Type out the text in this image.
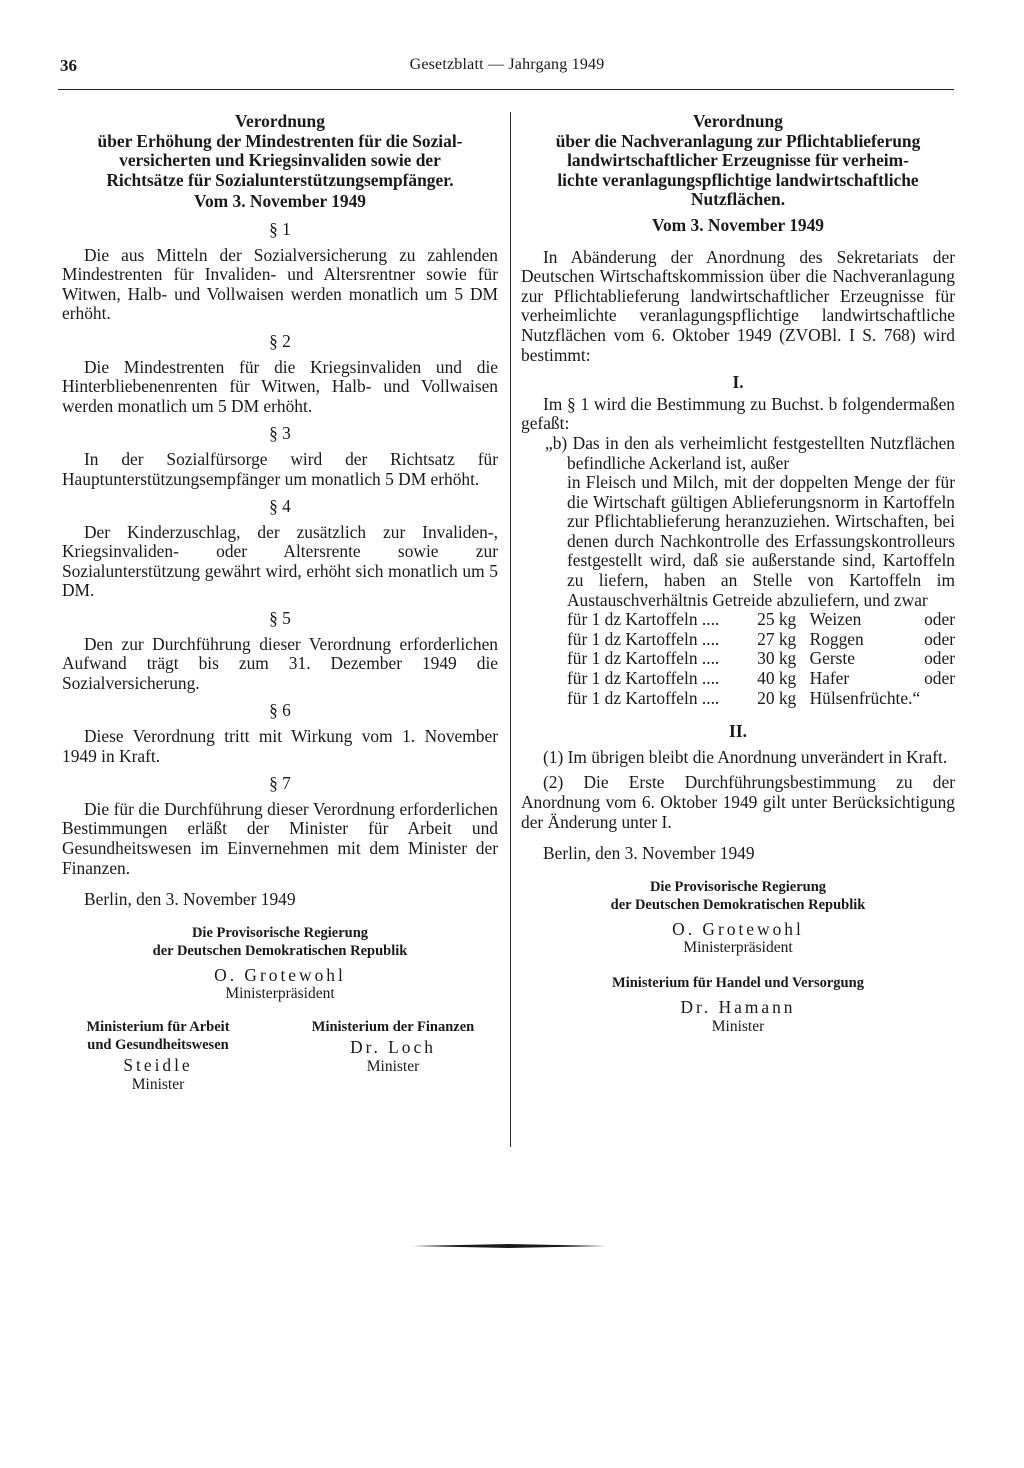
36	Gesetzblatt — Jahrgang 1949
Verordnung
über Erhöhung der Mindestrenten für die Sozial-
versicherten und Kriegsinvaliden sowie der
Richtsätze für Sozialunterstützungsempfänger.
Vom 3. November 1949
§ 1

Die aus Mitteln der Sozialversicherung zu zahlenden Mindestrenten für Invaliden- und Altersrentner sowie für Witwen, Halb- und Vollwaisen werden monatlich um 5 DM erhöht.

§ 2

Die Mindestrenten für die Kriegsinvaliden und die Hinterbliebenenrenten für Witwen, Halb- und Vollwaisen werden monatlich um 5 DM erhöht.

§ 3

In der Sozialfürsorge wird der Richtsatz für Hauptunterstützungsempfänger um monatlich 5 DM erhöht.

§ 4

Der Kinderzuschlag, der zusätzlich zur Invaliden-, Kriegsinvaliden- oder Altersrente sowie zur Sozialunterstützung gewährt wird, erhöht sich monatlich um 5 DM.

§ 5

Den zur Durchführung dieser Verordnung erforderlichen Aufwand trägt bis zum 31. Dezember 1949 die Sozialversicherung.

§ 6

Diese Verordnung tritt mit Wirkung vom 1. November 1949 in Kraft.

§ 7

Die für die Durchführung dieser Verordnung erforderlichen Bestimmungen erläßt der Minister für Arbeit und Gesundheitswesen im Einvernehmen mit dem Minister der Finanzen.

Berlin, den 3. November 1949

Die Provisorische Regierung
der Deutschen Demokratischen Republik
O. Grotewohl
Ministerpräsident
Ministerium für Arbeit
und Gesundheitswesen
Steidle
Minister
Ministerium der Finanzen
Dr. Loch
Minister
Verordnung
über die Nachveranlagung zur Pflichtablieferung
landwirtschaftlicher Erzeugnisse für verheim-
lichte veranlagungspflichtige landwirtschaftliche
Nutzflächen.
Vom 3. November 1949

In Abänderung der Anordnung des Sekretariats der Deutschen Wirtschaftskommission über die Nachveranlagung zur Pflichtablieferung landwirtschaftlicher Erzeugnisse für verheimlichte veranlagungspflichtige landwirtschaftliche Nutzflächen vom 6. Oktober 1949 (ZVOBl. I S. 768) wird bestimmt:

I.

Im § 1 wird die Bestimmung zu Buchst. b folgendermaßen gefaßt:

„b) Das in den als verheimlicht festgestellten Nutzflächen befindliche Ackerland ist, außer

in Fleisch und Milch, mit der doppelten Menge der für die Wirtschaft gültigen Ablieferungsnorm in Kartoffeln zur Pflichtablieferung heranzuziehen. Wirtschaften, bei denen durch Nachkontrolle des Erfassungskontrolleurs festgestellt wird, daß sie außerstande sind, Kartoffeln zu liefern, haben an Stelle von Kartoffeln im Austauschverhältnis Getreide abzuliefern, und zwar

für 1 dz Kartoffeln ....	25 kg	Weizen	oder
für 1 dz Kartoffeln ....	27 kg	Roggen	oder
für 1 dz Kartoffeln ....	30 kg	Gerste	oder
für 1 dz Kartoffeln ....	40 kg	Hafer	oder
für 1 dz Kartoffeln ....	20 kg	Hülsenfrüchte.“	
II.

(1) Im übrigen bleibt die Anordnung unverändert in Kraft.

(2) Die Erste Durchführungsbestimmung zu der Anordnung vom 6. Oktober 1949 gilt unter Berücksichtigung der Änderung unter I.

Berlin, den 3. November 1949

Die Provisorische Regierung
der Deutschen Demokratischen Republik
O. Grotewohl
Ministerpräsident
Ministerium für Handel und Versorgung
Dr. Hamann
Minister
